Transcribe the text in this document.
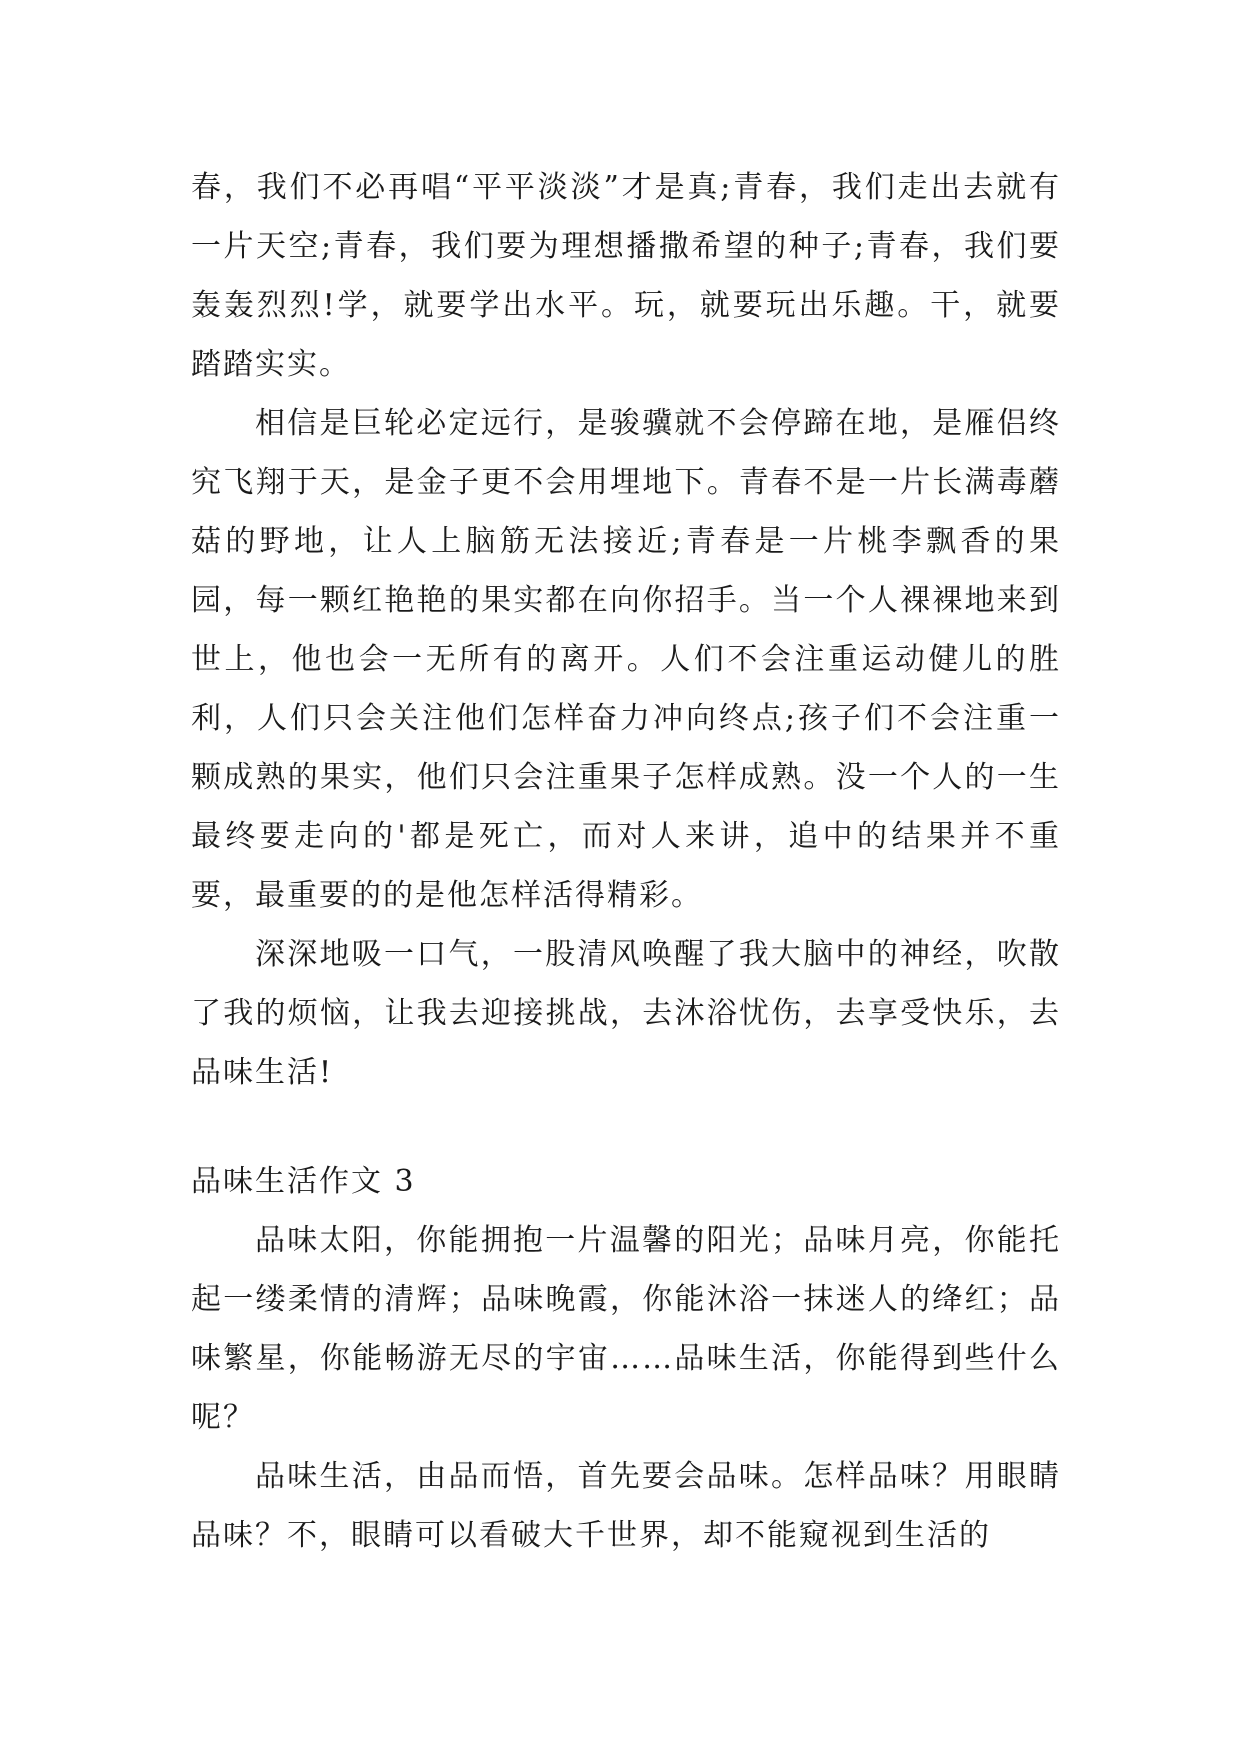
春，我们不必再唱“平平淡淡”才是真;青春，我们走出去就有一片天空;青春，我们要为理想播撒希望的种子;青春，我们要轰轰烈烈!学，就要学出水平。玩，就要玩出乐趣。干，就要踏踏实实。

相信是巨轮必定远行，是骏骥就不会停蹄在地，是雁侣终究飞翔于天，是金子更不会用埋地下。青春不是一片长满毒蘑菇的野地，让人上脑筋无法接近;青春是一片桃李飘香的果园，每一颗红艳艳的果实都在向你招手。当一个人裸裸地来到世上，他也会一无所有的离开。人们不会注重运动健儿的胜利，人们只会关注他们怎样奋力冲向终点;孩子们不会注重一颗成熟的果实，他们只会注重果子怎样成熟。没一个人的一生最终要走向的'都是死亡，而对人来讲，追中的结果并不重要，最重要的的是他怎样活得精彩。

深深地吸一口气，一股清风唤醒了我大脑中的神经，吹散了我的烦恼，让我去迎接挑战，去沐浴忧伤，去享受快乐，去品味生活!

品味生活作文 3

品味太阳，你能拥抱一片温馨的阳光；品味月亮，你能托起一缕柔情的清辉；品味晚霞，你能沐浴一抹迷人的绛红；品味繁星，你能畅游无尽的宇宙……品味生活，你能得到些什么呢？

品味生活，由品而悟，首先要会品味。怎样品味？用眼睛品味？不，眼睛可以看破大千世界，却不能窥视到生活的
